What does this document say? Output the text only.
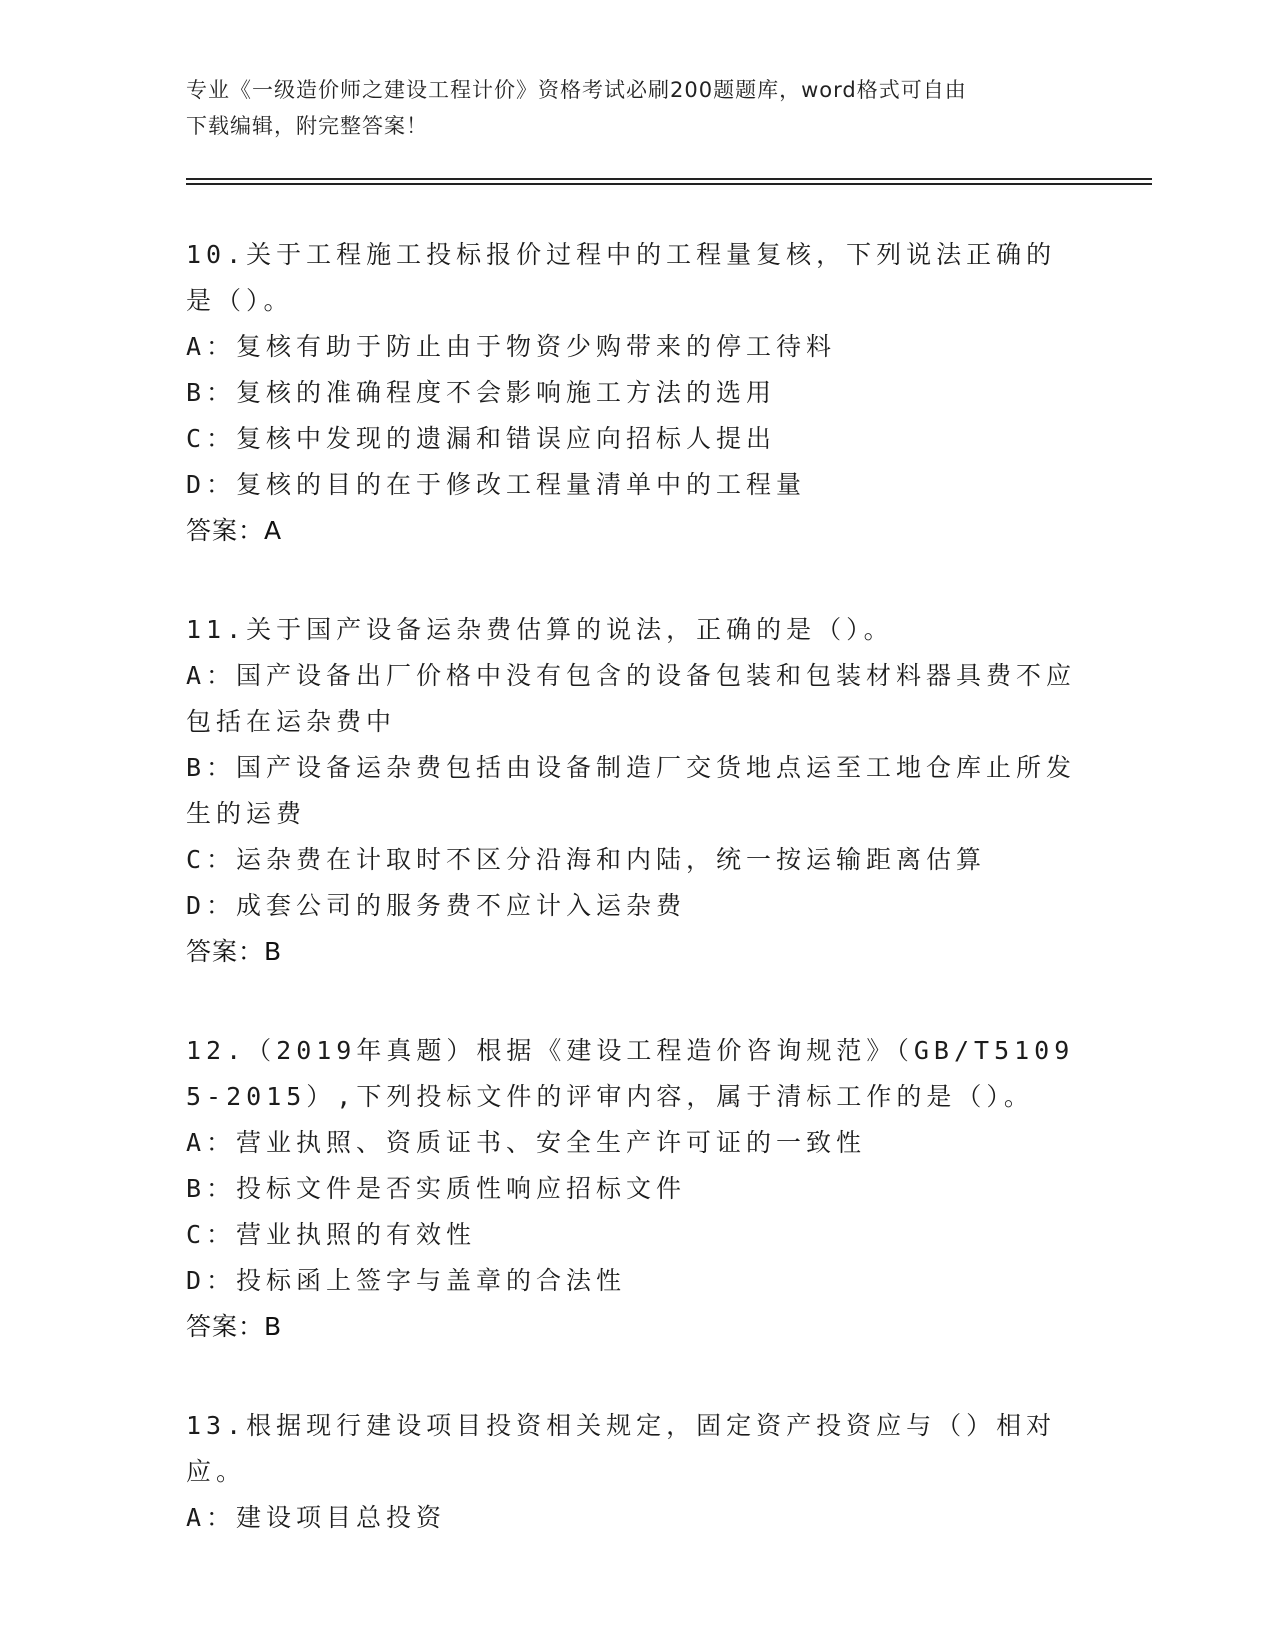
专业《一级造价师之建设工程计价》资格考试必刷200题题库，word格式可自由
下载编辑，附完整答案！
10.关于工程施工投标报价过程中的工程量复核，下列说法正确的是（）。
A：复核有助于防止由于物资少购带来的停工待料
B：复核的准确程度不会影响施工方法的选用
C：复核中发现的遗漏和错误应向招标人提出
D：复核的目的在于修改工程量清单中的工程量
答案：A
11.关于国产设备运杂费估算的说法，正确的是（）。
A：国产设备出厂价格中没有包含的设备包装和包装材料器具费不应包括在运杂费中
B：国产设备运杂费包括由设备制造厂交货地点运至工地仓库止所发生的运费
C：运杂费在计取时不区分沿海和内陆，统一按运输距离估算
D：成套公司的服务费不应计入运杂费
答案：B
12.（2019年真题）根据《建设工程造价咨询规范》（GB/T51095-2015）,下列投标文件的评审内容，属于清标工作的是（）。
A：营业执照、资质证书、安全生产许可证的一致性
B：投标文件是否实质性响应招标文件
C：营业执照的有效性
D：投标函上签字与盖章的合法性
答案：B
13.根据现行建设项目投资相关规定，固定资产投资应与（）相对应。
A：建设项目总投资
